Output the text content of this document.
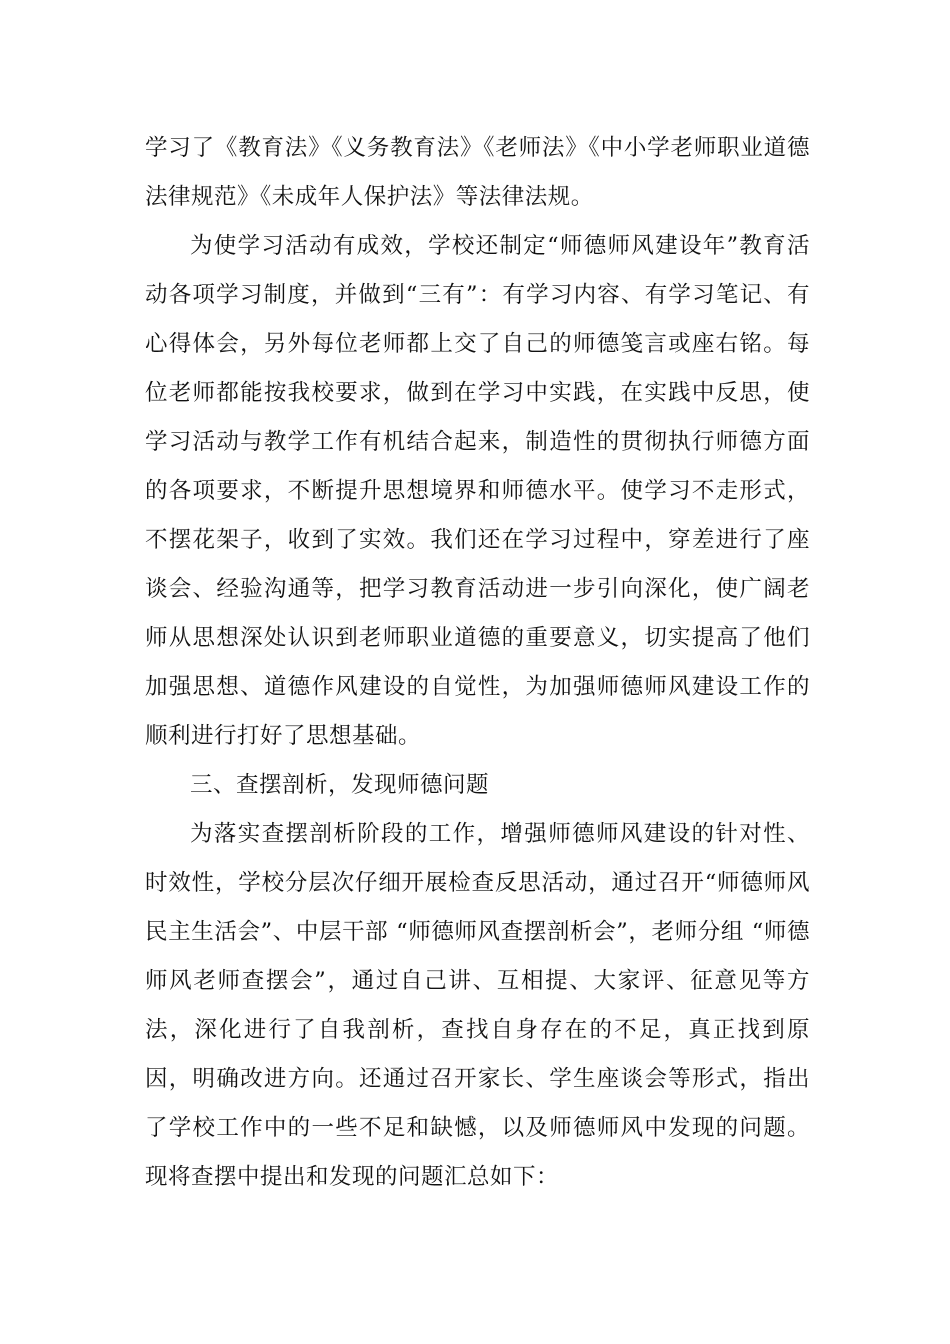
学习了《教育法》《义务教育法》《老师法》《中小学老师职业道德法律规范》《未成年人保护法》等法律法规。

为使学习活动有成效，学校还制定“师德师风建设年”教育活动各项学习制度，并做到“三有”：有学习内容、有学习笔记、有心得体会，另外每位老师都上交了自己的师德笺言或座右铭。每位老师都能按我校要求，做到在学习中实践，在实践中反思，使学习活动与教学工作有机结合起来，制造性的贯彻执行师德方面的各项要求，不断提升思想境界和师德水平。使学习不走形式，不摆花架子，收到了实效。我们还在学习过程中，穿差进行了座谈会、经验沟通等，把学习教育活动进一步引向深化，使广阔老师从思想深处认识到老师职业道德的重要意义，切实提高了他们加强思想、道德作风建设的自觉性，为加强师德师风建设工作的顺利进行打好了思想基础。

三、查摆剖析，发现师德问题

为落实查摆剖析阶段的工作，增强师德师风建设的针对性、时效性，学校分层次仔细开展检查反思活动，通过召开“师德师风民主生活会”、中层干部 “师德师风查摆剖析会”，老师分组 “师德师风老师查摆会”，通过自己讲、互相提、大家评、征意见等方法，深化进行了自我剖析，查找自身存在的不足，真正找到原因，明确改进方向。还通过召开家长、学生座谈会等形式，指出了学校工作中的一些不足和缺憾，以及师德师风中发现的问题。现将查摆中提出和发现的问题汇总如下：
